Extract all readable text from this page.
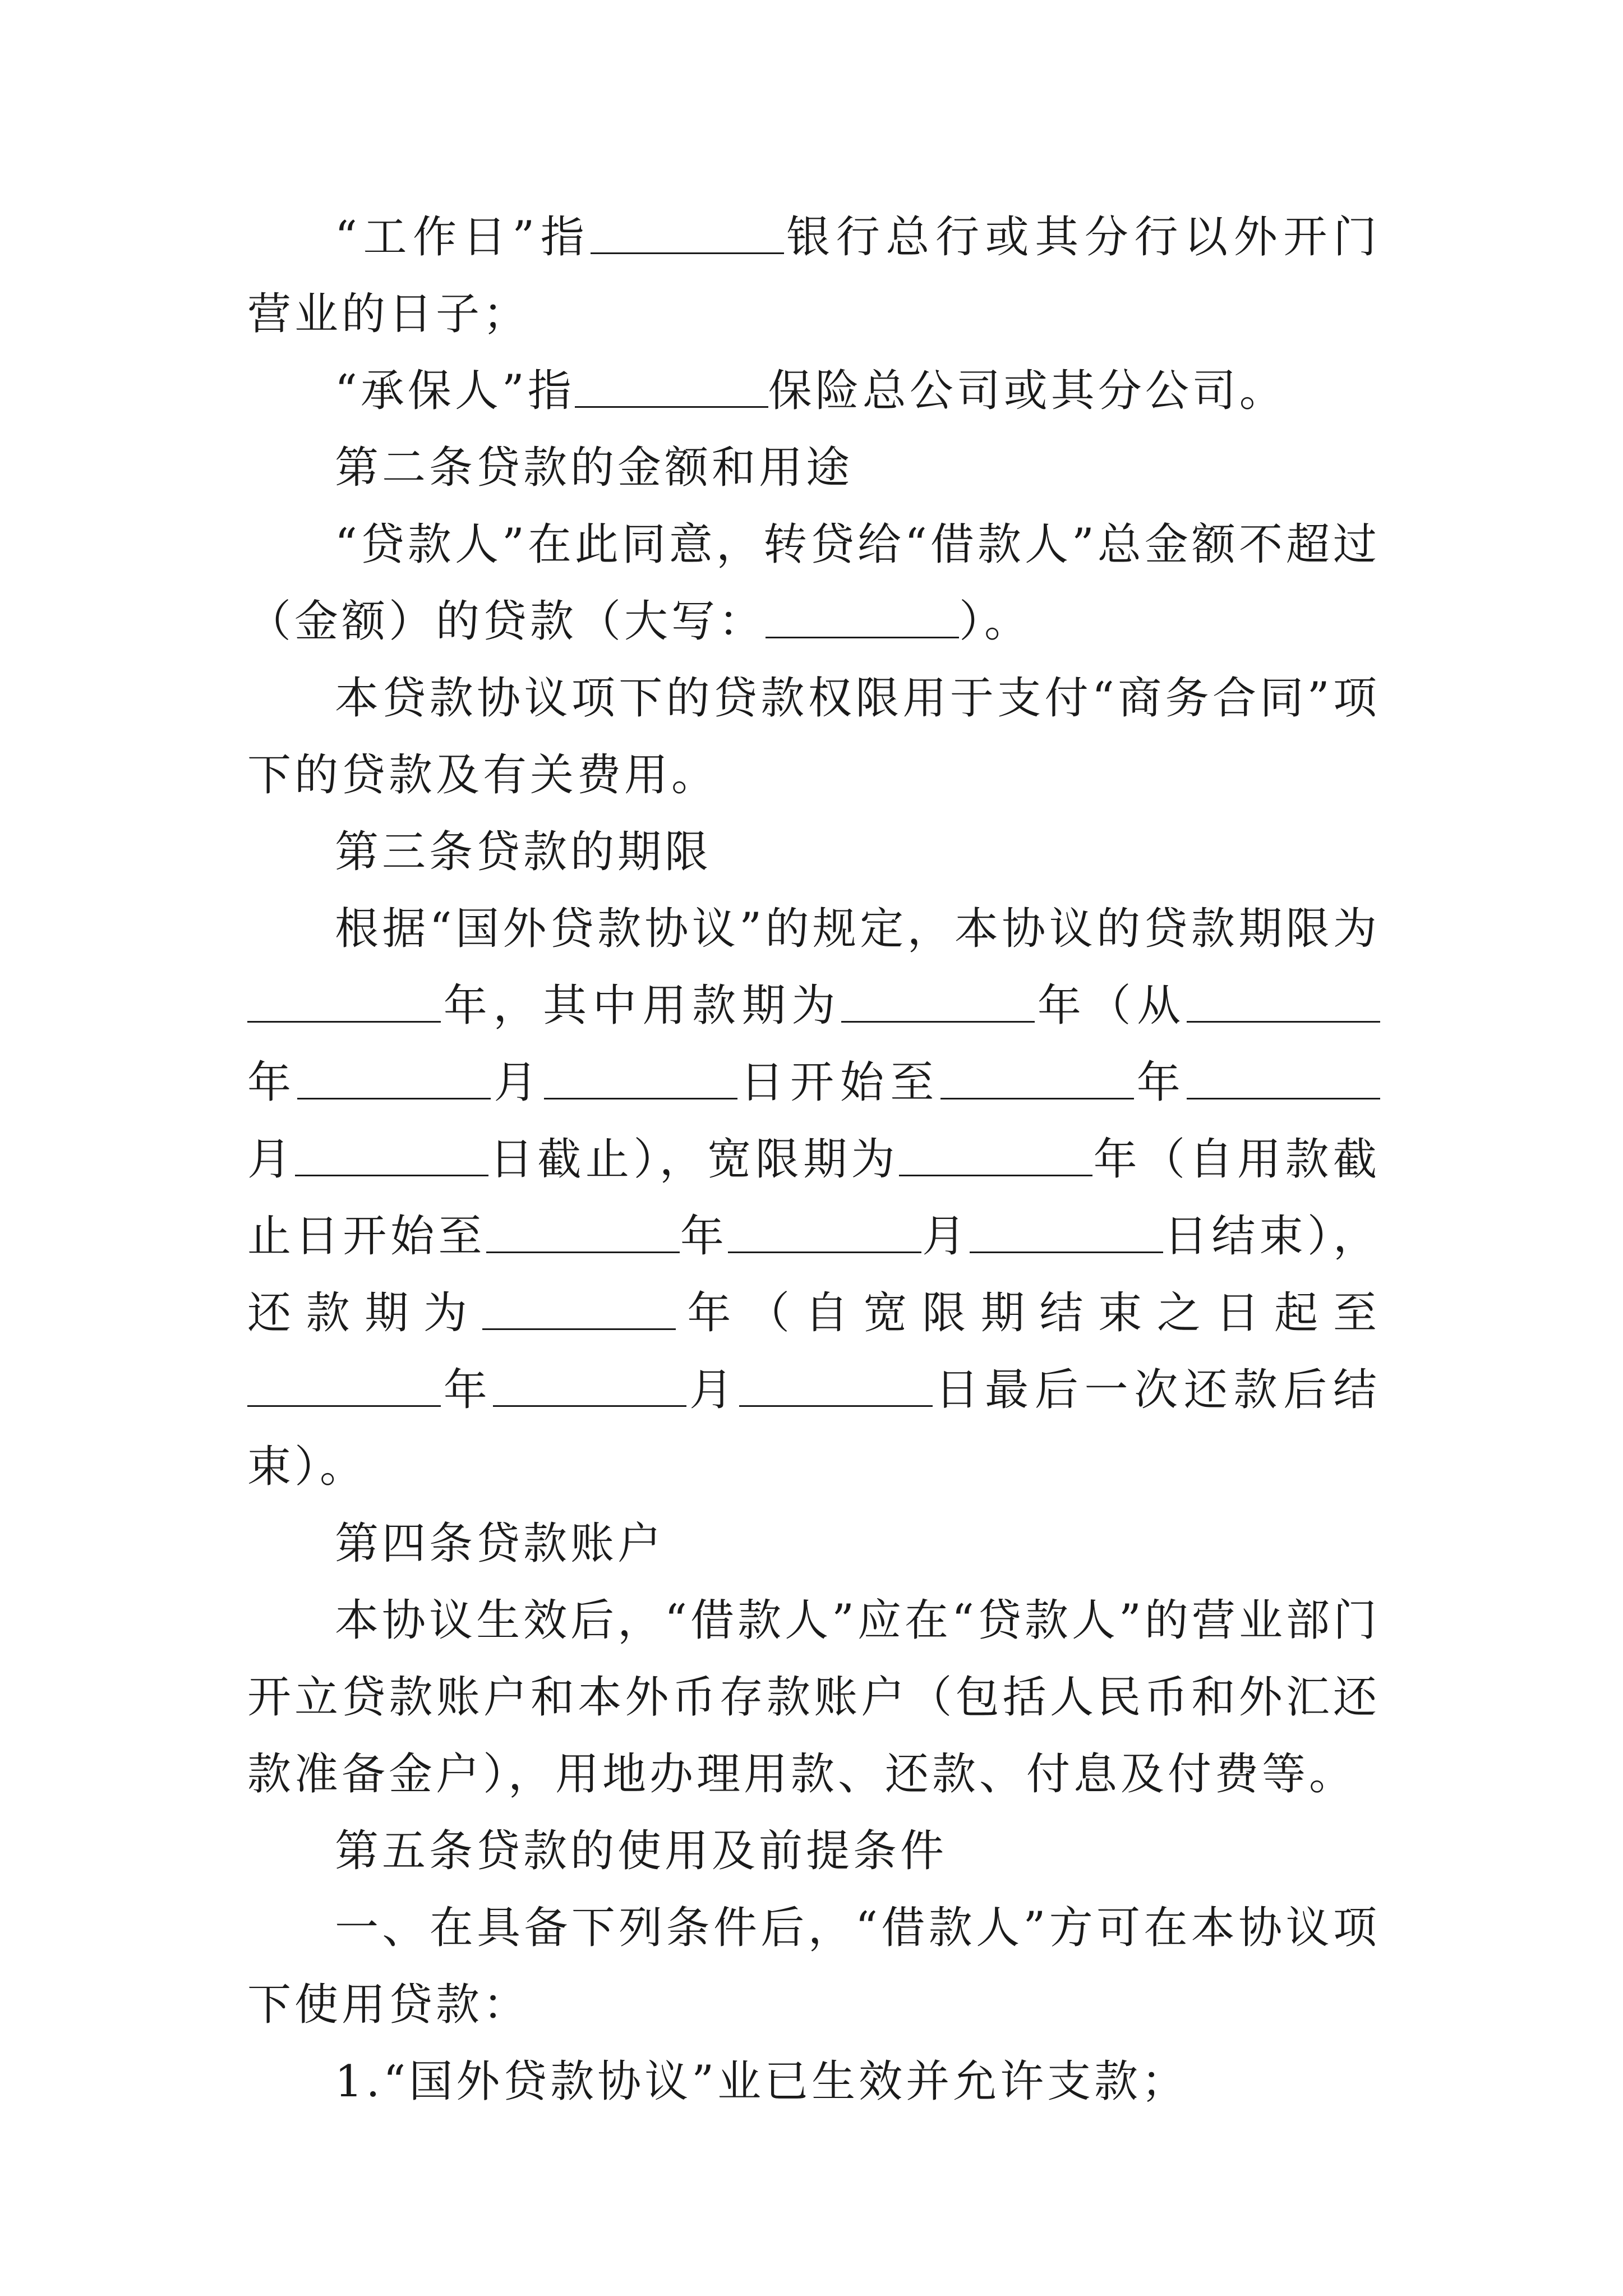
“工作日”指	银行总行或其分行以外开门营业的日子；

“承保人”指	保险总公司或其分公司。

第二条贷款的金额和用途

“贷款人”在此同意，转贷给“借款人”总金额不超过（金额）的贷款（大写：	）。

本贷款协议项下的贷款权限用于支付“商务合同”项下的贷款及有关费用。

第三条贷款的期限

根据“国外贷款协议”的规定，本协议的贷款期限为年，其中用款期为	年（从年	月	日开始至	年月	日截止），宽限期为	年（自用款截止日开始至	年	月	日结束），还款期为	年（自宽限期结束之日起至年	月	日最后一次还款后结束）。

第四条贷款账户

本协议生效后，“借款人”应在“贷款人”的营业部门开立贷款账户和本外币存款账户（包括人民币和外汇还款准备金户），用地办理用款、还款、付息及付费等。

第五条贷款的使用及前提条件

一、在具备下列条件后，“借款人”方可在本协议项下使用贷款：

1.“国外贷款协议”业已生效并允许支款；
